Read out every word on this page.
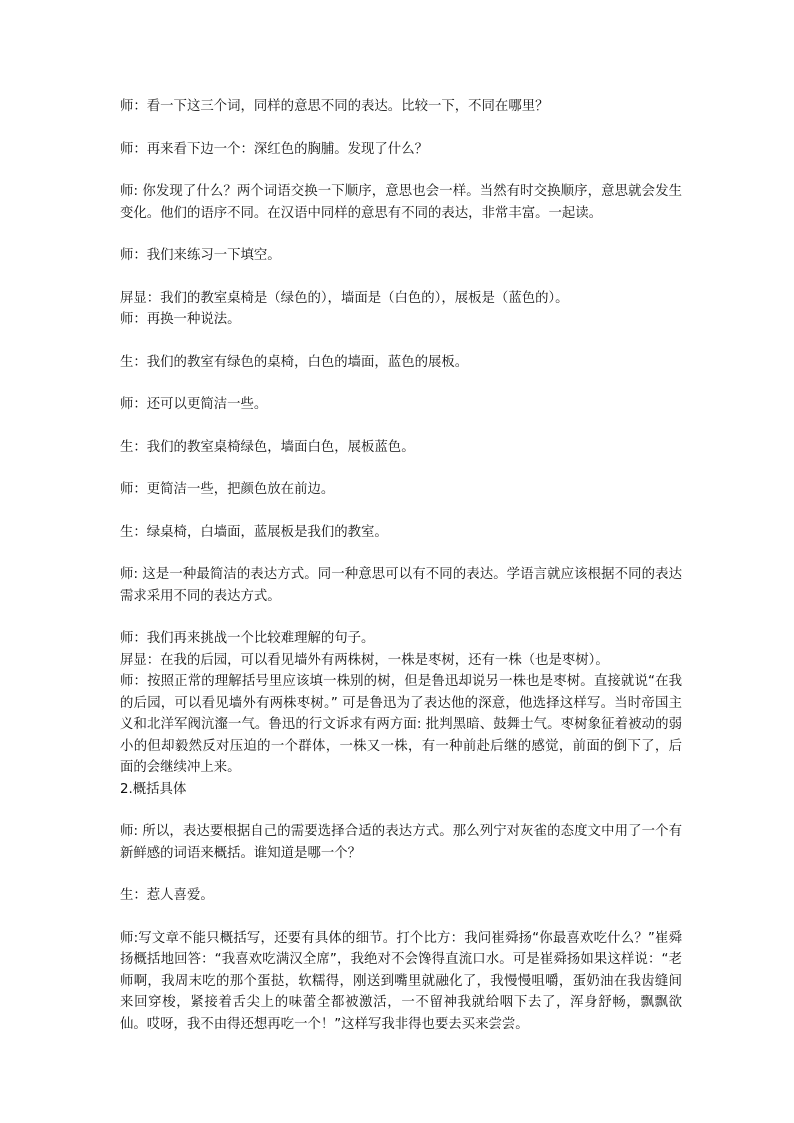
师：看一下这三个词，同样的意思不同的表达。比较一下，不同在哪里？

师：再来看下边一个：深红色的胸脯。发现了什么？

师: 你发现了什么？两个词语交换一下顺序，意思也会一样。当然有时交换顺序，意思就会发生变化。他们的语序不同。在汉语中同样的意思有不同的表达，非常丰富。一起读。

师：我们来练习一下填空。

屏显：我们的教室桌椅是（绿色的），墙面是（白色的），展板是（蓝色的）。

师：再换一种说法。

生：我们的教室有绿色的桌椅，白色的墙面，蓝色的展板。

师：还可以更简洁一些。

生：我们的教室桌椅绿色，墙面白色，展板蓝色。

师：更简洁一些，把颜色放在前边。

生：绿桌椅，白墙面，蓝展板是我们的教室。

师: 这是一种最简洁的表达方式。同一种意思可以有不同的表达。学语言就应该根据不同的表达需求采用不同的表达方式。

师：我们再来挑战一个比较难理解的句子。

屏显：在我的后园，可以看见墙外有两株树，一株是枣树，还有一株（也是枣树）。

师：按照正常的理解括号里应该填一株别的树，但是鲁迅却说另一株也是枣树。直接就说“在我的后园，可以看见墙外有两株枣树。” 可是鲁迅为了表达他的深意，他选择这样写。当时帝国主义和北洋军阀沆瀣一气。鲁迅的行文诉求有两方面: 批判黑暗、鼓舞士气。枣树象征着被动的弱小的但却毅然反对压迫的一个群体，一株又一株，有一种前赴后继的感觉，前面的倒下了，后面的会继续冲上来。

2.概括具体

师: 所以，表达要根据自己的需要选择合适的表达方式。那么列宁对灰雀的态度文中用了一个有新鲜感的词语来概括。谁知道是哪一个？

生：惹人喜爱。

师:写文章不能只概括写，还要有具体的细节。打个比方：我问崔舜扬“你最喜欢吃什么？”崔舜扬概括地回答：“我喜欢吃满汉全席”，我绝对不会馋得直流口水。可是崔舜扬如果这样说：“老师啊，我周末吃的那个蛋挞，软糯得，刚送到嘴里就融化了，我慢慢咀嚼，蛋奶油在我齿缝间来回穿梭，紧接着舌尖上的味蕾全都被激活，一不留神我就给咽下去了，浑身舒畅，飘飘欲仙。哎呀，我不由得还想再吃一个！”这样写我非得也要去买来尝尝。
